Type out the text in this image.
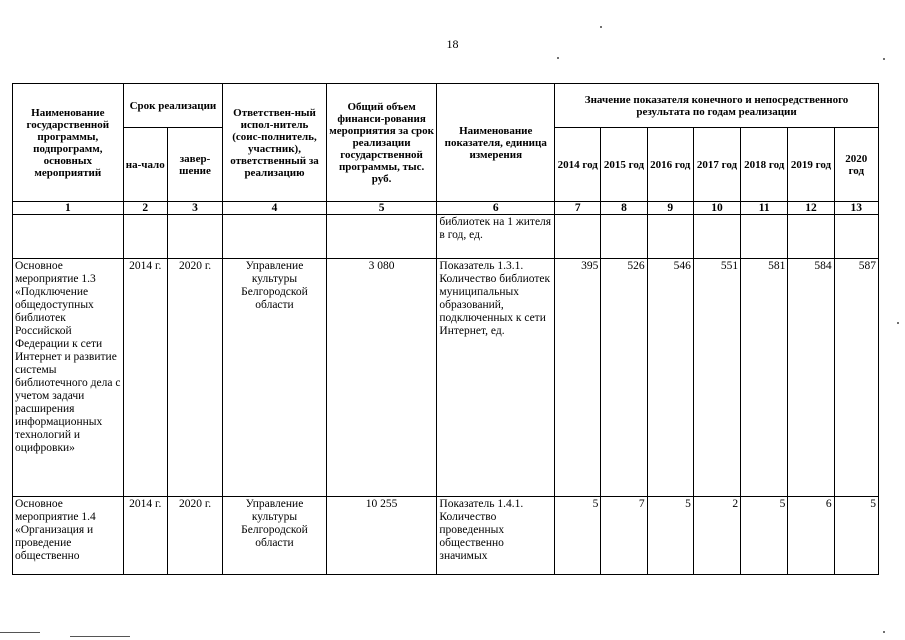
18
Наименование государственной программы, подпрограмм, основных мероприятий	Срок реализации		Ответствен-ный испол-нитель (соис-полнитель, участник), ответственный за реализацию	Общий объем финанси-рования мероприятия за срок реализации государственной программы, тыс. руб.	Наименование показателя, единица измерения	Значение показателя конечного и непосредственного результата по годам реализации						
	на-чало	завер-шение				2014 год	2015 год	2016 год	2017 год	2018 год	2019 год	2020 год
1	2	3	4	5	6	7	8	9	10	11	12	13
					библиотек на 1 жителя в год, ед.							
Основное мероприятие 1.3 «Подключение общедоступных библиотек Российской Федерации к сети Интернет и развитие системы библиотечного дела с учетом задачи расширения информационных технологий и оцифровки»	2014 г.	2020 г.	Управление культуры Белгородской области	3 080	Показатель 1.3.1. Количество библиотек муниципальных образований, подключенных к сети Интернет, ед.	395	526	546	551	581	584	587
Основное мероприятие 1.4 «Организация и проведение общественно	2014 г.	2020 г.	Управление культуры Белгородской области	10 255	Показатель 1.4.1. Количество проведенных общественно значимых	5	7	5	2	5	6	5
